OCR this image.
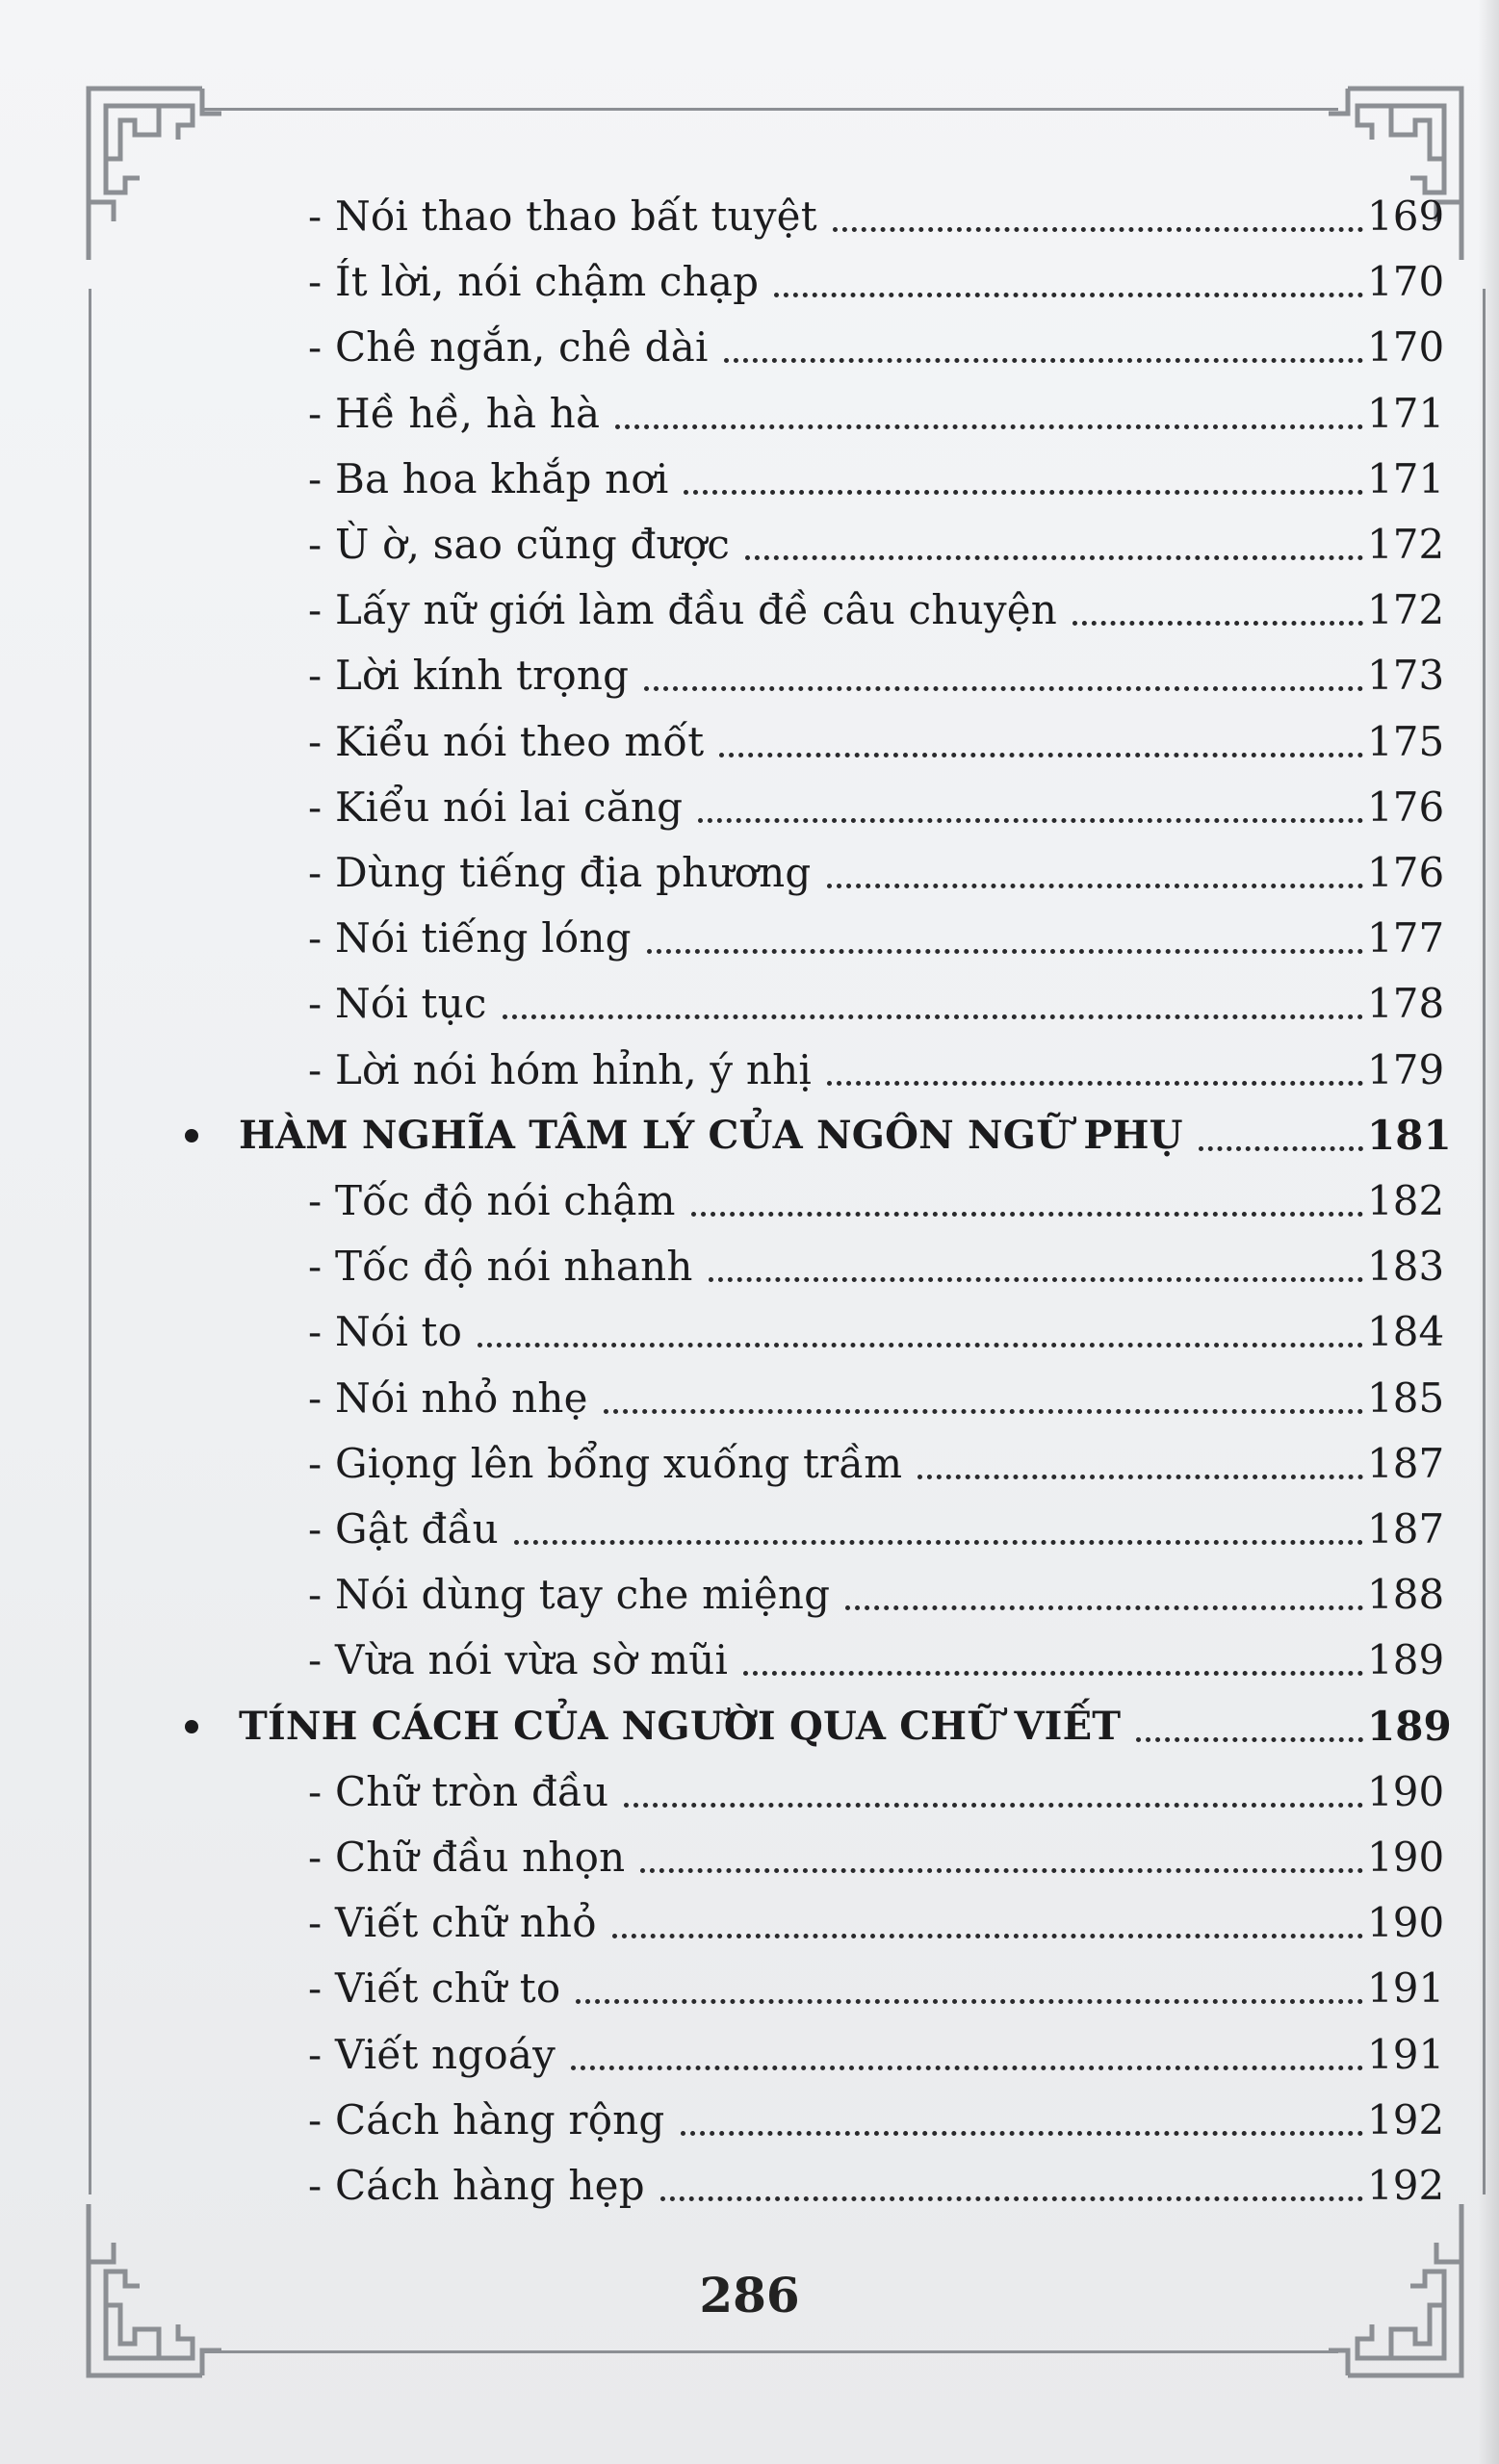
- Nói thao thao bất tuyệt	169
- Ít lời, nói chậm chạp	170
- Chê ngắn, chê dài	170
- Hề hề, hà hà	171
- Ba hoa khắp nơi	171
- Ù ờ, sao cũng được	172
- Lấy nữ giới làm đầu đề câu chuyện	172
- Lời kính trọng	173
- Kiểu nói theo mốt	175
- Kiểu nói lai căng	176
- Dùng tiếng địa phương	176
- Nói tiếng lóng	177
- Nói tục	178
- Lời nói hóm hỉnh, ý nhị	179
HÀM NGHĨA TÂM LÝ CỦA NGÔN NGỮ PHỤ	181
- Tốc độ nói chậm	182
- Tốc độ nói nhanh	183
- Nói to	184
- Nói nhỏ nhẹ	185
- Giọng lên bổng xuống trầm	187
- Gật đầu	187
- Nói dùng tay che miệng	188
- Vừa nói vừa sờ mũi	189
TÍNH CÁCH CỦA NGƯỜI QUA CHỮ VIẾT	189
- Chữ tròn đầu	190
- Chữ đầu nhọn	190
- Viết chữ nhỏ	190
- Viết chữ to	191
- Viết ngoáy	191
- Cách hàng rộng	192
- Cách hàng hẹp	192
286
